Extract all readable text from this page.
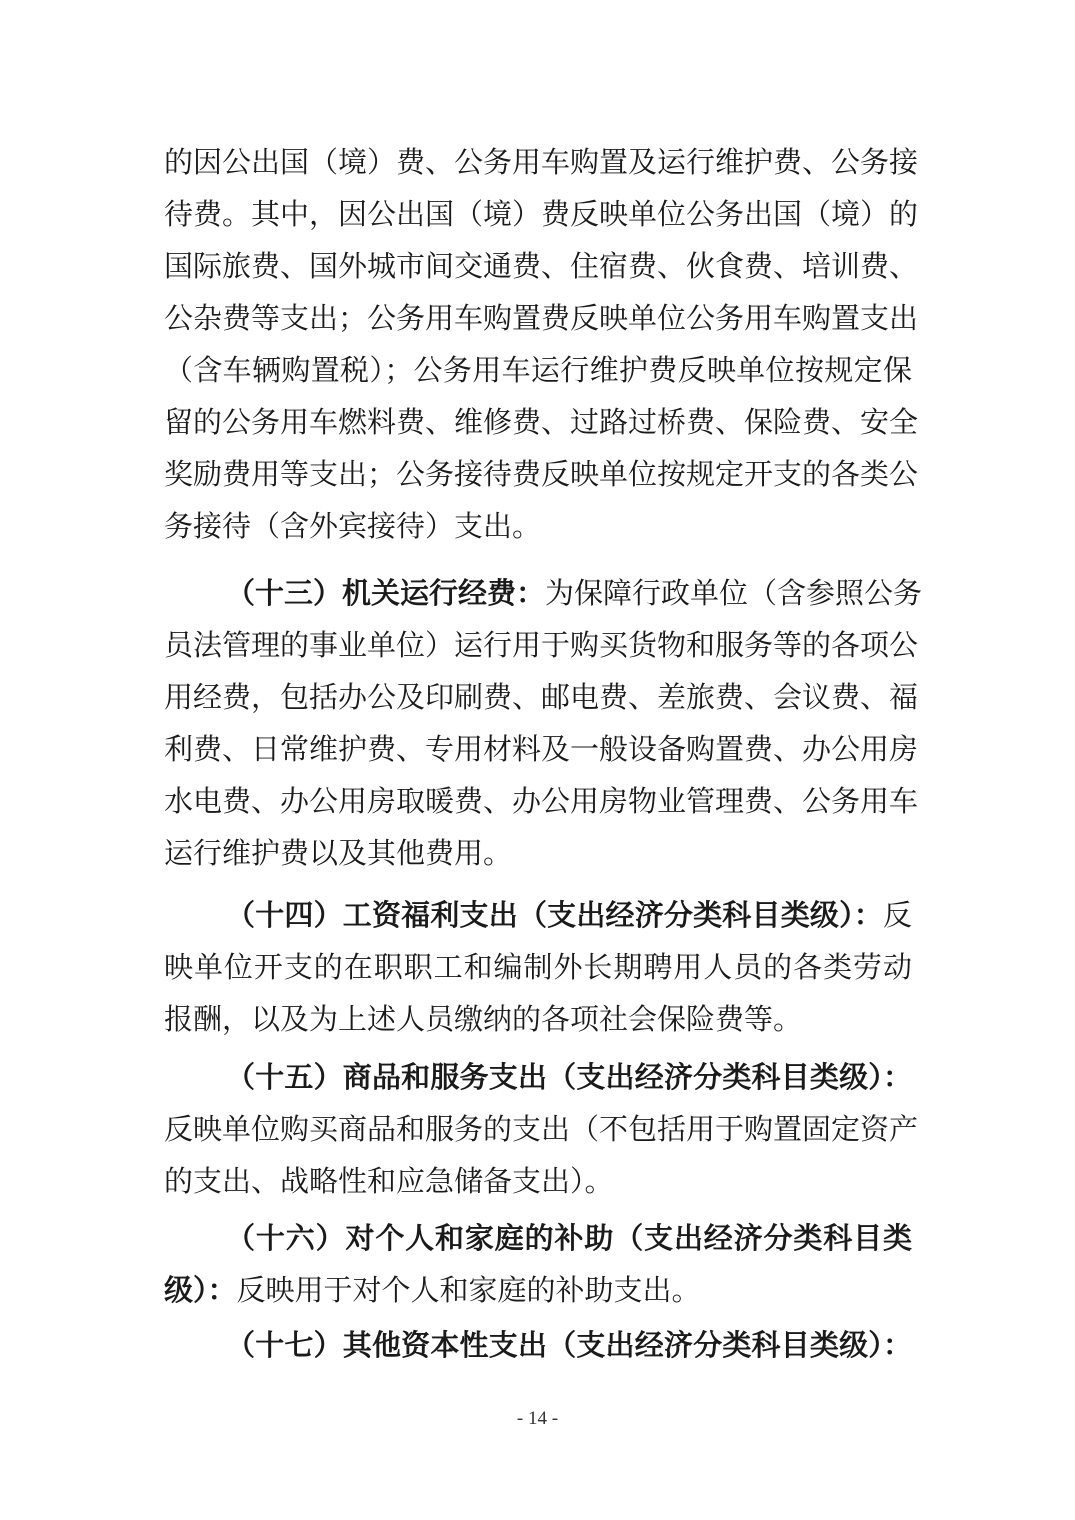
的因公出国（境）费、公务用车购置及运行维护费、公务接
待费。其中，因公出国（境）费反映单位公务出国（境）的
国际旅费、国外城市间交通费、住宿费、伙食费、培训费、
公杂费等支出；公务用车购置费反映单位公务用车购置支出
（含车辆购置税）；公务用车运行维护费反映单位按规定保
留的公务用车燃料费、维修费、过路过桥费、保险费、安全
奖励费用等支出；公务接待费反映单位按规定开支的各类公
务接待（含外宾接待）支出。
（十三）机关运行经费：为保障行政单位（含参照公务
员法管理的事业单位）运行用于购买货物和服务等的各项公
用经费，包括办公及印刷费、邮电费、差旅费、会议费、福
利费、日常维护费、专用材料及一般设备购置费、办公用房
水电费、办公用房取暖费、办公用房物业管理费、公务用车
运行维护费以及其他费用。
（十四）工资福利支出（支出经济分类科目类级）：反
映单位开支的在职职工和编制外长期聘用人员的各类劳动
报酬，以及为上述人员缴纳的各项社会保险费等。
（十五）商品和服务支出（支出经济分类科目类级）：
反映单位购买商品和服务的支出（不包括用于购置固定资产
的支出、战略性和应急储备支出）。
（十六）对个人和家庭的补助（支出经济分类科目类
级）：反映用于对个人和家庭的补助支出。
（十七）其他资本性支出（支出经济分类科目类级）：
- 14 -
